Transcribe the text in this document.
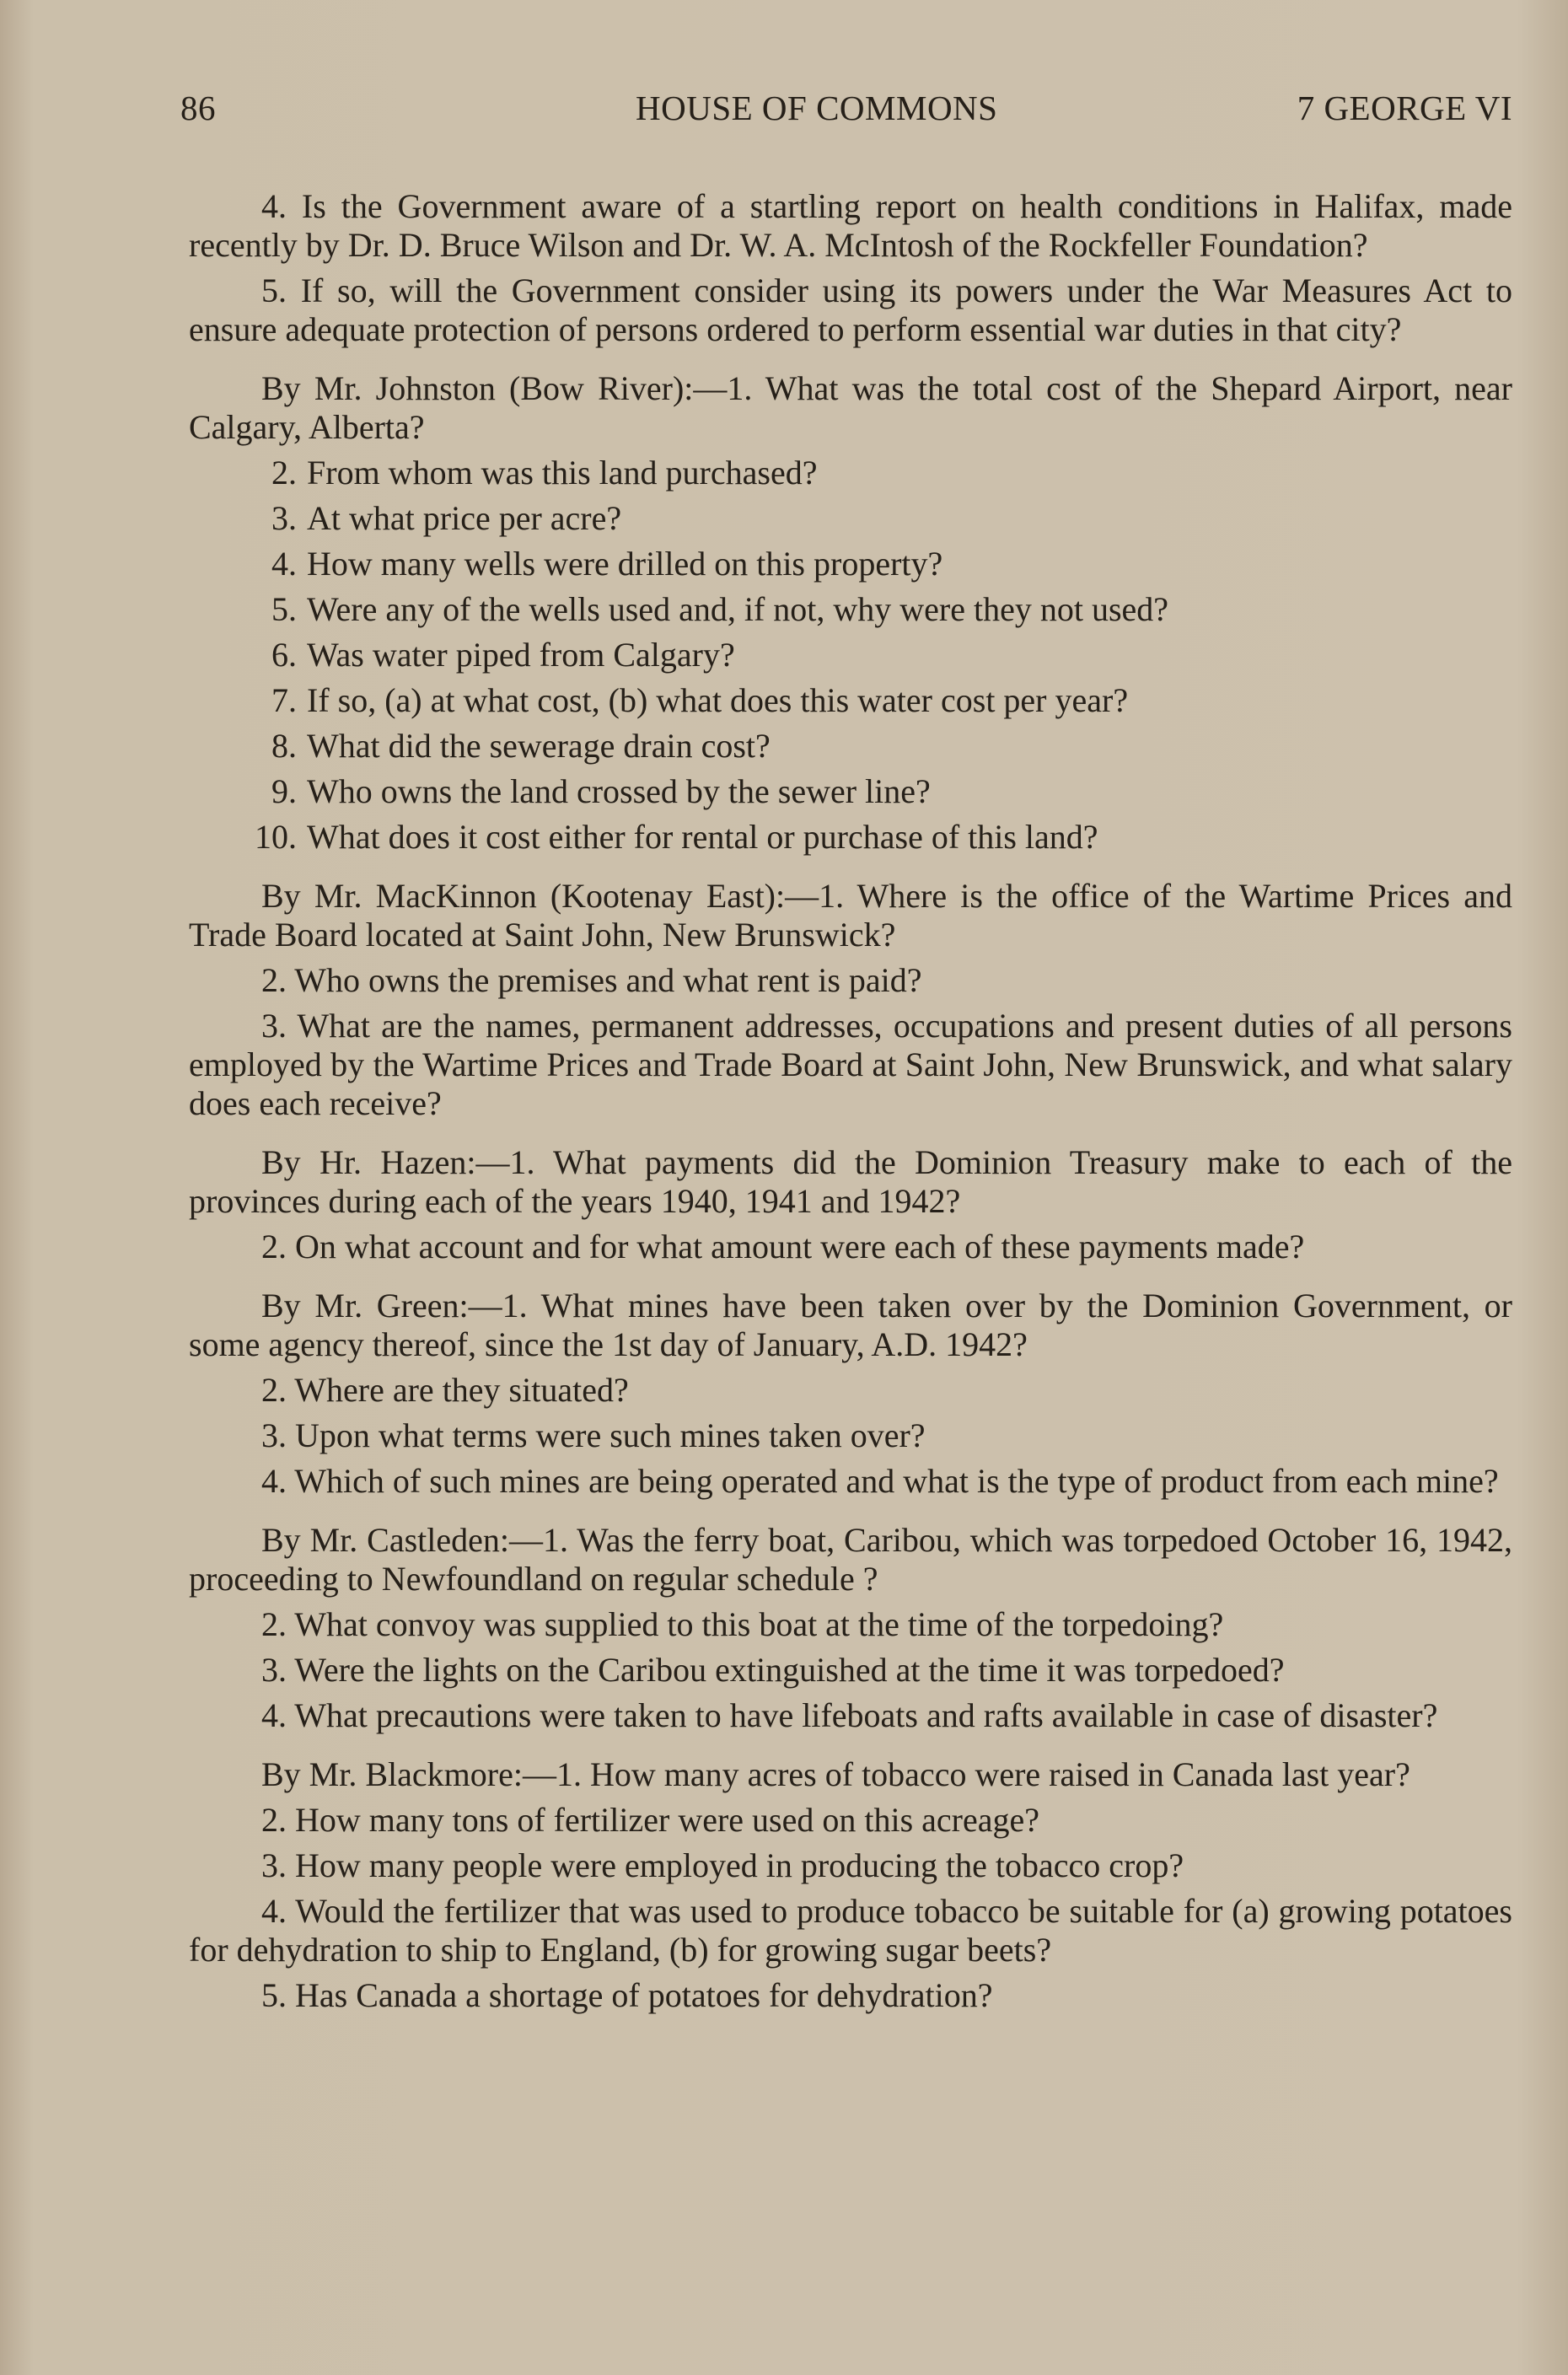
86	HOUSE OF COMMONS	7 GEORGE VI

4. Is the Government aware of a startling report on health conditions in Halifax, made recently by Dr. D. Bruce Wilson and Dr. W. A. McIntosh of the Rockfeller Foundation?

5. If so, will the Government consider using its powers under the War Measures Act to ensure adequate protection of persons ordered to perform essential war duties in that city?

By Mr. Johnston (Bow River):—1. What was the total cost of the Shepard Airport, near Calgary, Alberta?

2. From whom was this land purchased?

3. At what price per acre?

4. How many wells were drilled on this property?

5. Were any of the wells used and, if not, why were they not used?

6. Was water piped from Calgary?

7. If so, (a) at what cost, (b) what does this water cost per year?

8. What did the sewerage drain cost?

9. Who owns the land crossed by the sewer line?

10. What does it cost either for rental or purchase of this land?

By Mr. MacKinnon (Kootenay East):—1. Where is the office of the Wartime Prices and Trade Board located at Saint John, New Brunswick?

2. Who owns the premises and what rent is paid?

3. What are the names, permanent addresses, occupations and present duties of all persons employed by the Wartime Prices and Trade Board at Saint John, New Brunswick, and what salary does each receive?

By Hr. Hazen:—1. What payments did the Dominion Treasury make to each of the provinces during each of the years 1940, 1941 and 1942?

2. On what account and for what amount were each of these payments made?

By Mr. Green:—1. What mines have been taken over by the Dominion Government, or some agency thereof, since the 1st day of January, A.D. 1942?

2. Where are they situated?

3. Upon what terms were such mines taken over?

4. Which of such mines are being operated and what is the type of product from each mine?

By Mr. Castleden:—1. Was the ferry boat, Caribou, which was torpedoed October 16, 1942, proceeding to Newfoundland on regular schedule ?

2. What convoy was supplied to this boat at the time of the torpedoing?

3. Were the lights on the Caribou extinguished at the time it was torpedoed?

4. What precautions were taken to have lifeboats and rafts available in case of disaster?

By Mr. Blackmore:—1. How many acres of tobacco were raised in Canada last year?

2. How many tons of fertilizer were used on this acreage?

3. How many people were employed in producing the tobacco crop?

4. Would the fertilizer that was used to produce tobacco be suitable for (a) growing potatoes for dehydration to ship to England, (b) for growing sugar beets?

5. Has Canada a shortage of potatoes for dehydration?
